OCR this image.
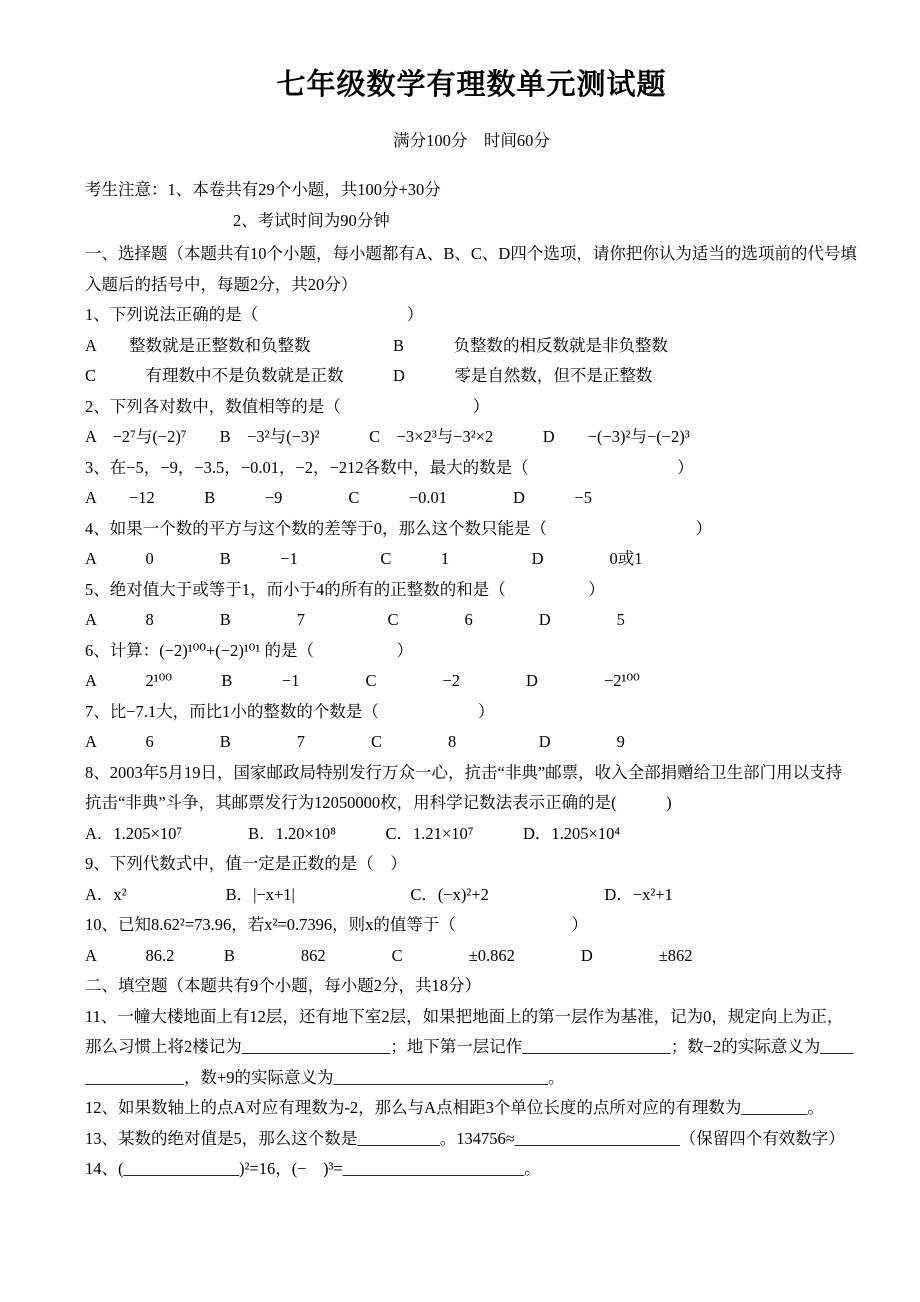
七年级数学有理数单元测试题
满分100分　时间60分

考生注意：1、本卷共有29个小题，共100分+30分

2、考试时间为90分钟

一、选择题（本题共有10个小题，每小题都有A、B、C、D四个选项，请你把你认为适当的选项前的代号填入题后的括号中，每题2分，共20分）

1、下列说法正确的是（　　　　　　　　　）

A　　整数就是正整数和负整数　　　　　B　　　负整数的相反数就是非负整数

C　　　有理数中不是负数就是正数　　　D　　　零是自然数，但不是正整数

2、下列各对数中，数值相等的是（　　　　　　　　）

A　−2⁷与(−2)⁷　　B　−3²与(−3)²　　　C　−3×2³与−3²×2　　　D　　−(−3)²与−(−2)³

3、在−5，−9，−3.5，−0.01，−2，−212各数中，最大的数是（　　　　　　　　　）

A　　−12　　　B　　　−9　　　　C　　　−0.01　　　　D　　　−5

4、如果一个数的平方与这个数的差等于0，那么这个数只能是（　　　　　　　　　）

A　　　0　　　　B　　　−1　　　　　C　　　1　　　　　D　　　　0或1

5、绝对值大于或等于1，而小于4的所有的正整数的和是（　　　　　）

A　　　8　　　　B　　　　7　　　　　C　　　　6　　　　D　　　　5

6、计算：(−2)¹⁰⁰+(−2)¹⁰¹ 的是（　　　　　）

A　　　2¹⁰⁰　　　B　　　−1　　　　C　　　　−2　　　　D　　　　−2¹⁰⁰

7、比−7.1大，而比1小的整数的个数是（　　　　　　）

A　　　6　　　　B　　　　7　　　　C　　　　8　　　　　D　　　　9

8、2003年5月19日，国家邮政局特别发行万众一心，抗击“非典”邮票，收入全部捐赠给卫生部门用以支持抗击“非典”斗争，其邮票发行为12050000枚，用科学记数法表示正确的是(　　　)

A．1.205×10⁷　　　　B．1.20×10⁸　　　C．1.21×10⁷　　　D．1.205×10⁴

9、下列代数式中，值一定是正数的是（　）

A．x²　　　　　　B．|−x+1|　　　　　　　C．(−x)²+2　　　　　　　D．−x²+1

10、已知8.62²=73.96，若x²=0.7396，则x的值等于（　　　　　　　）

A　　　86.2　　　B　　　　862　　　　C　　　　±0.862　　　　D　　　　±862

二、填空题（本题共有9个小题，每小题2分，共18分）

11、一幢大楼地面上有12层，还有地下室2层，如果把地面上的第一层作为基准，记为0，规定向上为正，那么习惯上将2楼记为__________________；地下第一层记作__________________；数−2的实际意义为________________，数+9的实际意义为__________________________。

12、如果数轴上的点A对应有理数为-2，那么与A点相距3个单位长度的点所对应的有理数为________。

13、某数的绝对值是5，那么这个数是__________。134756≈____________________（保留四个有效数字）

14、(______________)²=16，(−　)³=______________________。
